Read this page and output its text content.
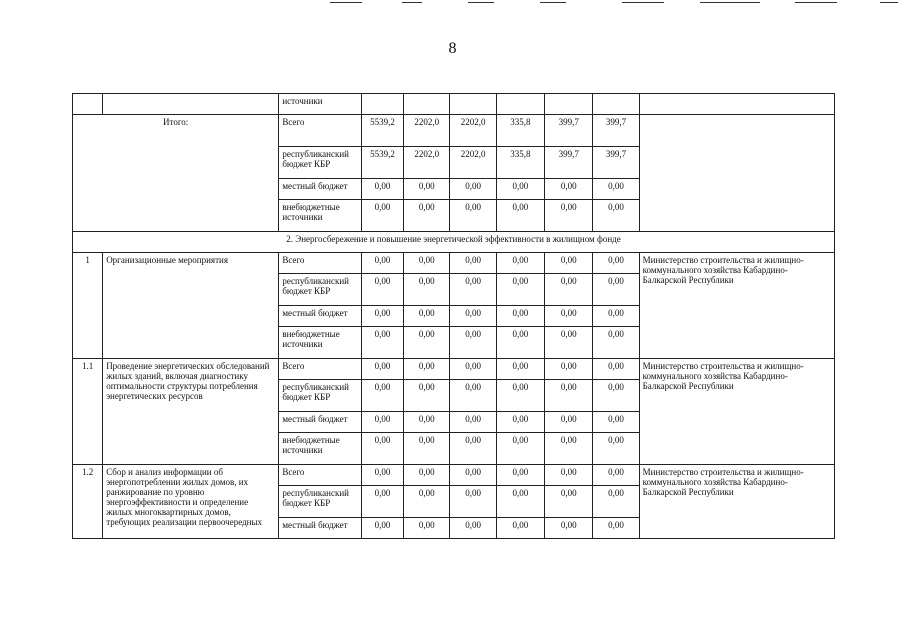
8
		источники							
Итого:		Всего	5539,2	2202,0	2202,0	335,8	399,7	399,7	
		республиканский бюджет КБР	5539,2	2202,0	2202,0	335,8	399,7	399,7	
		местный бюджет	0,00	0,00	0,00	0,00	0,00	0,00	
		внебюджетные источники	0,00	0,00	0,00	0,00	0,00	0,00	
2. Энергосбережение и повышение энергетической эффективности в жилищном фонде									
1	Организационные мероприятия	Всего	0,00	0,00	0,00	0,00	0,00	0,00	Министерство строительства и жилищно-коммунального хозяйства Кабардино-Балкарской Республики
		республиканский бюджет КБР	0,00	0,00	0,00	0,00	0,00	0,00	
		местный бюджет	0,00	0,00	0,00	0,00	0,00	0,00	
		внебюджетные источники	0,00	0,00	0,00	0,00	0,00	0,00	
1.1	Проведение энергетических обследований жилых зданий, включая диагностику оптимальности структуры потребления энергетических ресурсов	Всего	0,00	0,00	0,00	0,00	0,00	0,00	Министерство строительства и жилищно-коммунального хозяйства Кабардино-Балкарской Республики
		республиканский бюджет КБР	0,00	0,00	0,00	0,00	0,00	0,00	
		местный бюджет	0,00	0,00	0,00	0,00	0,00	0,00	
		внебюджетные источники	0,00	0,00	0,00	0,00	0,00	0,00	
1.2	Сбор и анализ информации об энергопотреблении жилых домов, их ранжирование по уровню энергоэффективности и определение жилых многоквартирных домов, требующих реализации первоочередных	Всего	0,00	0,00	0,00	0,00	0,00	0,00	Министерство строительства и жилищно-коммунального хозяйства Кабардино-Балкарской Республики
		республиканский бюджет КБР	0,00	0,00	0,00	0,00	0,00	0,00	
		местный бюджет	0,00	0,00	0,00	0,00	0,00	0,00	
